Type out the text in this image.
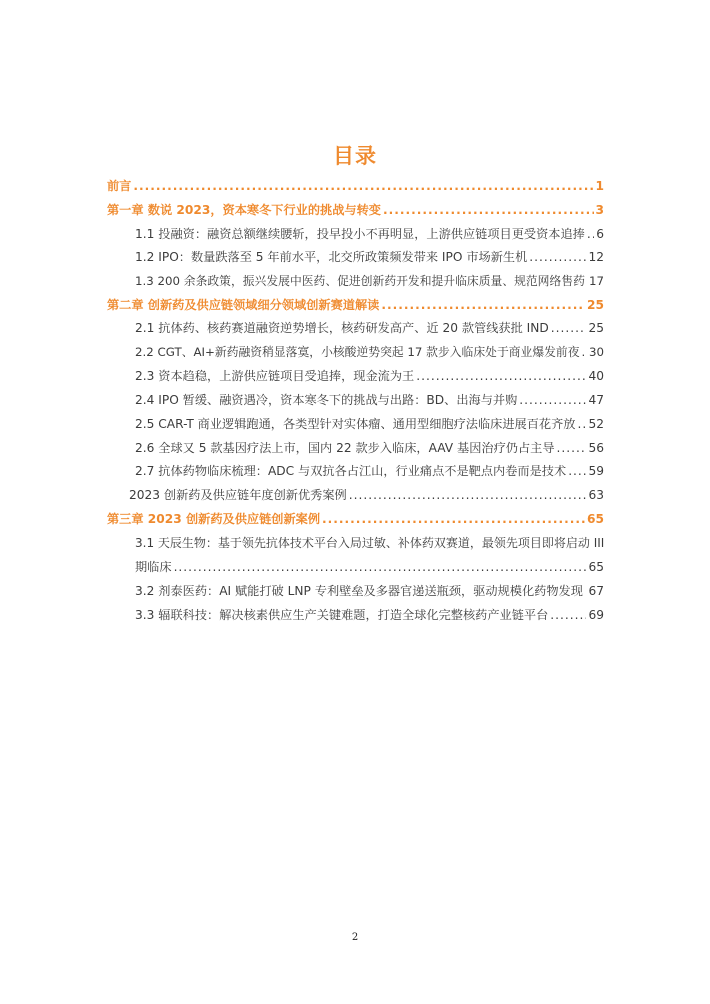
目录
前言 .....	1
第一章 数说 2023，资本寒冬下行业的挑战与转变 .....	3
1.1 投融资：融资总额继续腰斩，投早投小不再明显，上游供应链项目更受资本追捧 ..... 6
1.2 IPO：数量跌落至 5 年前水平，北交所政策频发带来 IPO 市场新生机 .....	12
1.3 200 余条政策，振兴发展中医药、促进创新药开发和提升临床质量、规范网络售药 ..... 17
第二章 创新药及供应链领域细分领域创新赛道解读 .....	25
2.1 抗体药、核药赛道融资逆势增长，核药研发高产、近 20 款管线获批 IND .....	25
2.2 CGT、AI+新药融资稍显落寞，小核酸逆势突起 17 款步入临床处于商业爆发前夜 ..... 30
2.3 资本趋稳，上游供应链项目受追捧，现金流为王 .....	40
2.4 IPO 暂缓、融资遇冷，资本寒冬下的挑战与出路：BD、出海与并购 .....	47
2.5 CAR-T 商业逻辑跑通，各类型针对实体瘤、通用型细胞疗法临床进展百花齐放 ..... 52
2.6 全球又 5 款基因疗法上市，国内 22 款步入临床，AAV 基因治疗仍占主导 .....	56
2.7 抗体药物临床梳理：ADC 与双抗各占江山，行业痛点不是靶点内卷而是技术 ..... 59
2023 创新药及供应链年度创新优秀案例 .....	63
第三章 2023 创新药及供应链创新案例 .....	65
3.1 天辰生物：基于领先抗体技术平台入局过敏、补体药双赛道，最领先项目即将启动 III
期临床 .....	65
3.2 剂泰医药：AI 赋能打破 LNP 专利壁垒及多器官递送瓶颈，驱动规模化药物发现 ..... 67
3.3 辐联科技：解决核素供应生产关键难题，打造全球化完整核药产业链平台 .....	69
2
